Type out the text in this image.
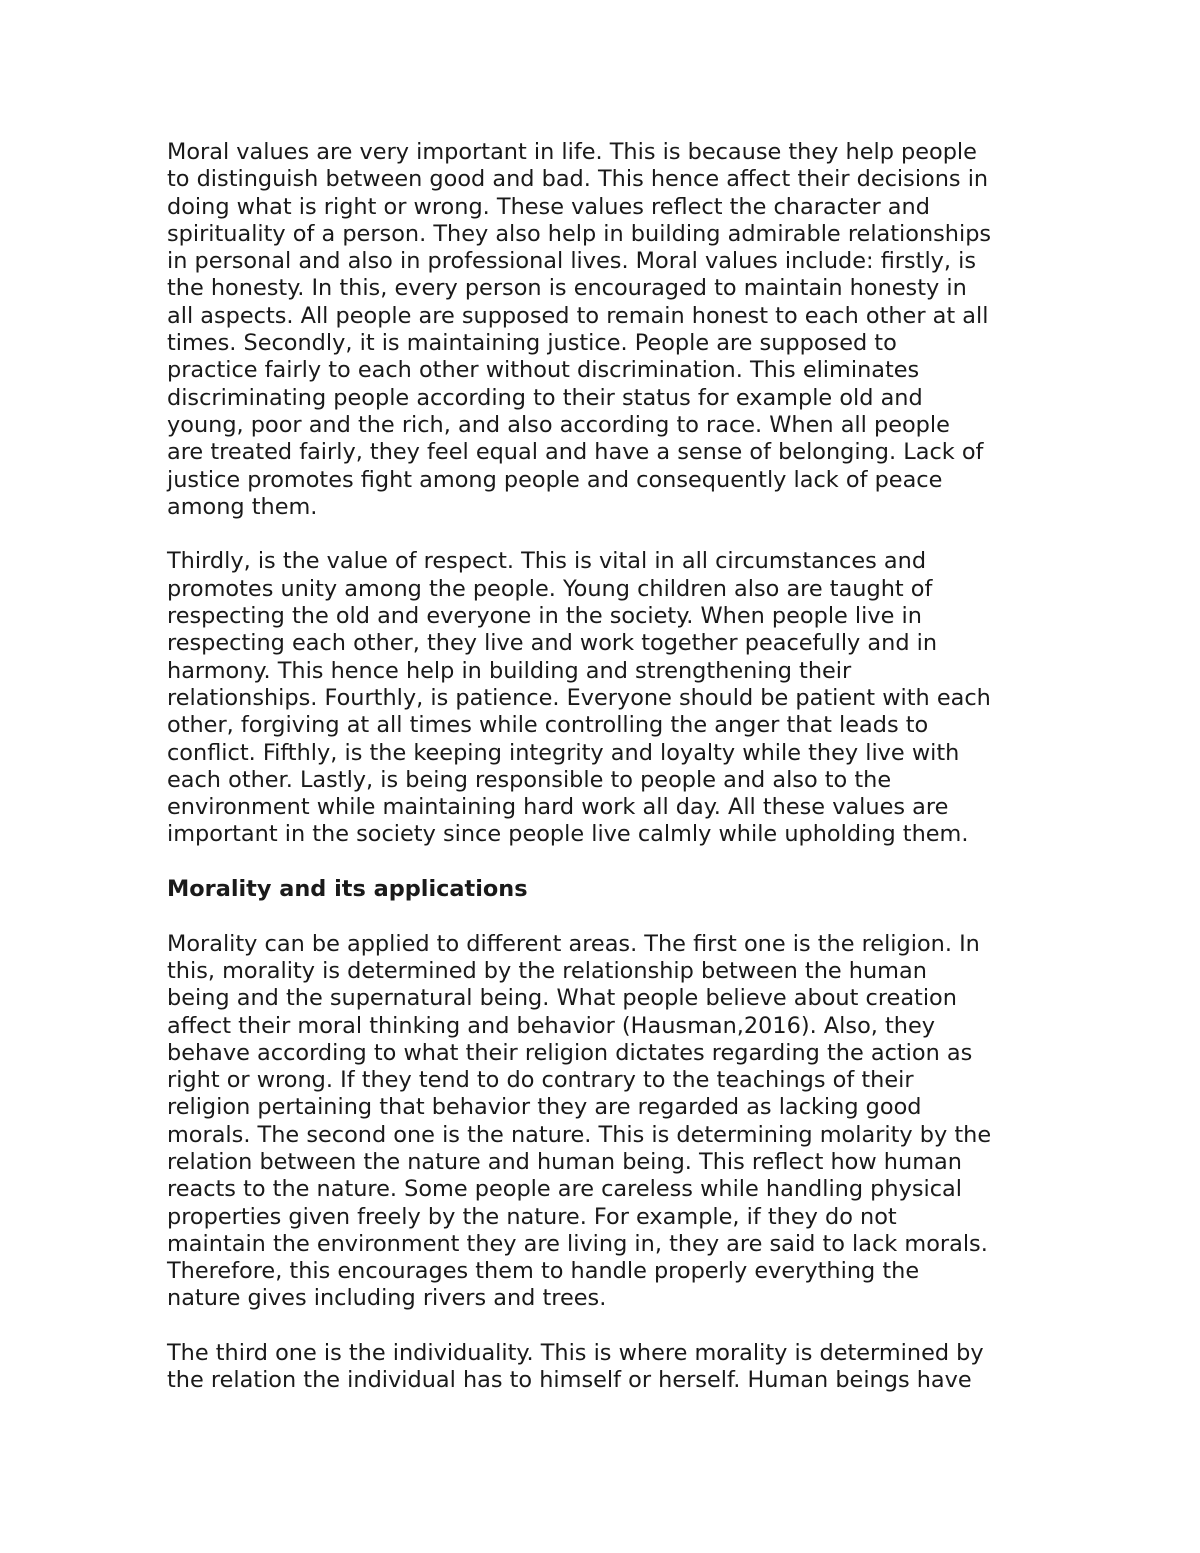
Moral values are very important in life. This is because they help people
to distinguish between good and bad. This hence affect their decisions in
doing what is right or wrong. These values reflect the character and
spirituality of a person. They also help in building admirable relationships
in personal and also in professional lives. Moral values include: firstly, is
the honesty. In this, every person is encouraged to maintain honesty in
all aspects. All people are supposed to remain honest to each other at all
times. Secondly, it is maintaining justice. People are supposed to
practice fairly to each other without discrimination. This eliminates
discriminating people according to their status for example old and
young, poor and the rich, and also according to race. When all people
are treated fairly, they feel equal and have a sense of belonging. Lack of
justice promotes fight among people and consequently lack of peace
among them.

Thirdly, is the value of respect. This is vital in all circumstances and
promotes unity among the people. Young children also are taught of
respecting the old and everyone in the society. When people live in
respecting each other, they live and work together peacefully and in
harmony. This hence help in building and strengthening their
relationships. Fourthly, is patience. Everyone should be patient with each
other, forgiving at all times while controlling the anger that leads to
conflict. Fifthly, is the keeping integrity and loyalty while they live with
each other. Lastly, is being responsible to people and also to the
environment while maintaining hard work all day. All these values are
important in the society since people live calmly while upholding them.

Morality and its applications

Morality can be applied to different areas. The first one is the religion. In
this, morality is determined by the relationship between the human
being and the supernatural being. What people believe about creation
affect their moral thinking and behavior (Hausman,2016). Also, they
behave according to what their religion dictates regarding the action as
right or wrong. If they tend to do contrary to the teachings of their
religion pertaining that behavior they are regarded as lacking good
morals. The second one is the nature. This is determining molarity by the
relation between the nature and human being. This reflect how human
reacts to the nature. Some people are careless while handling physical
properties given freely by the nature. For example, if they do not
maintain the environment they are living in, they are said to lack morals.
Therefore, this encourages them to handle properly everything the
nature gives including rivers and trees.

The third one is the individuality. This is where morality is determined by
the relation the individual has to himself or herself. Human beings have
